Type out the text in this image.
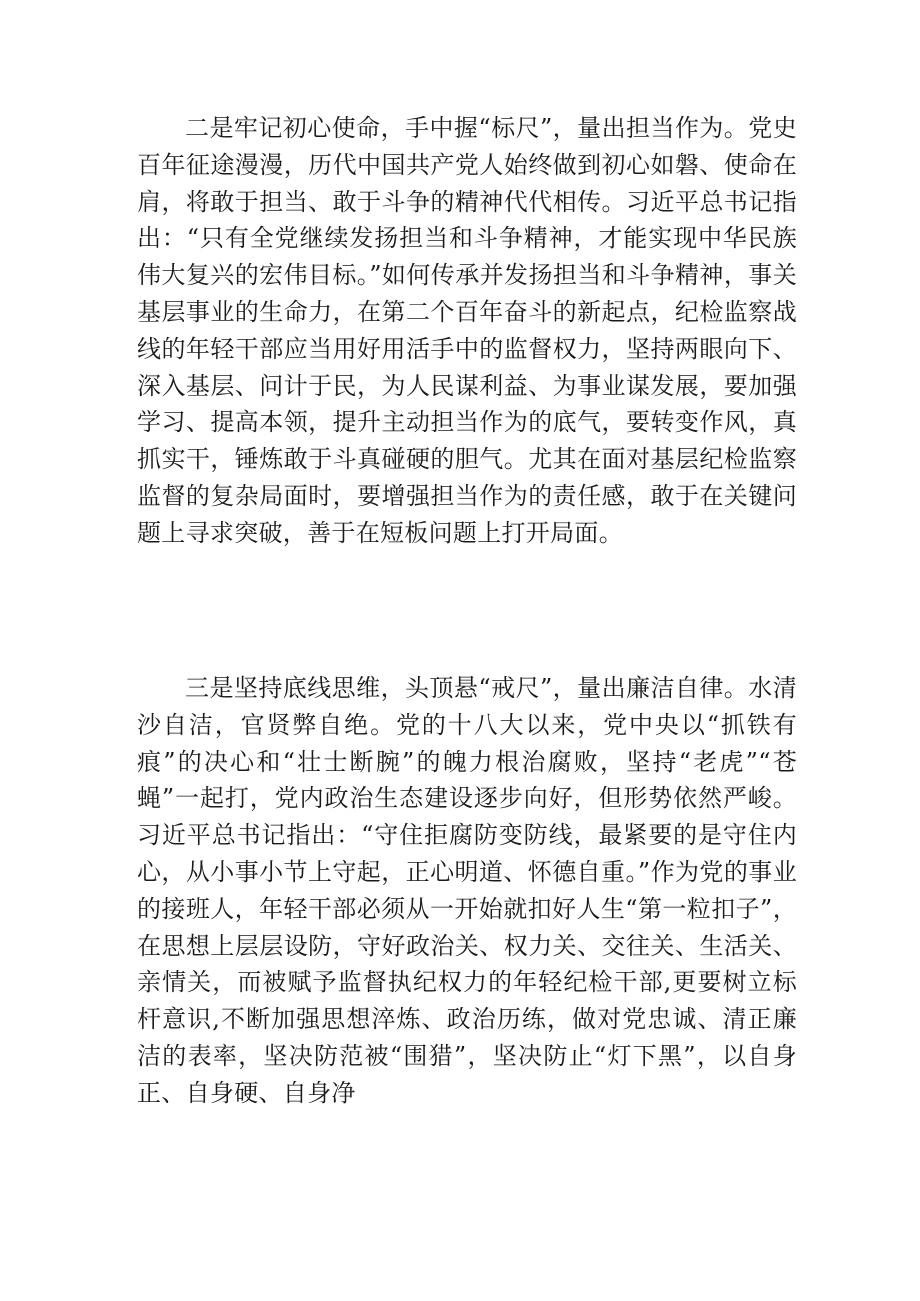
二是牢记初心使命，手中握“标尺”，量出担当作为。党史百年征途漫漫，历代中国共产党人始终做到初心如磐、使命在肩，将敢于担当、敢于斗争的精神代代相传。习近平总书记指出：“只有全党继续发扬担当和斗争精神，才能实现中华民族伟大复兴的宏伟目标。”如何传承并发扬担当和斗争精神，事关基层事业的生命力，在第二个百年奋斗的新起点，纪检监察战线的年轻干部应当用好用活手中的监督权力，坚持两眼向下、深入基层、问计于民，为人民谋利益、为事业谋发展，要加强学习、提高本领，提升主动担当作为的底气，要转变作风，真抓实干，锤炼敢于斗真碰硬的胆气。尤其在面对基层纪检监察监督的复杂局面时，要增强担当作为的责任感，敢于在关键问题上寻求突破，善于在短板问题上打开局面。

三是坚持底线思维，头顶悬“戒尺”，量出廉洁自律。水清沙自洁，官贤弊自绝。党的十八大以来，党中央以“抓铁有痕”的决心和“壮士断腕”的魄力根治腐败，坚持“老虎”“苍蝇”一起打，党内政治生态建设逐步向好，但形势依然严峻。习近平总书记指出：“守住拒腐防变防线，最紧要的是守住内心，从小事小节上守起，正心明道、怀德自重。”作为党的事业的接班人，年轻干部必须从一开始就扣好人生“第一粒扣子”，在思想上层层设防，守好政治关、权力关、交往关、生活关、亲情关，而被赋予监督执纪权力的年轻纪检干部,更要树立标杆意识,不断加强思想淬炼、政治历练，做对党忠诚、清正廉洁的表率，坚决防范被“围猎”，坚决防止“灯下黑”，以自身正、自身硬、自身净
